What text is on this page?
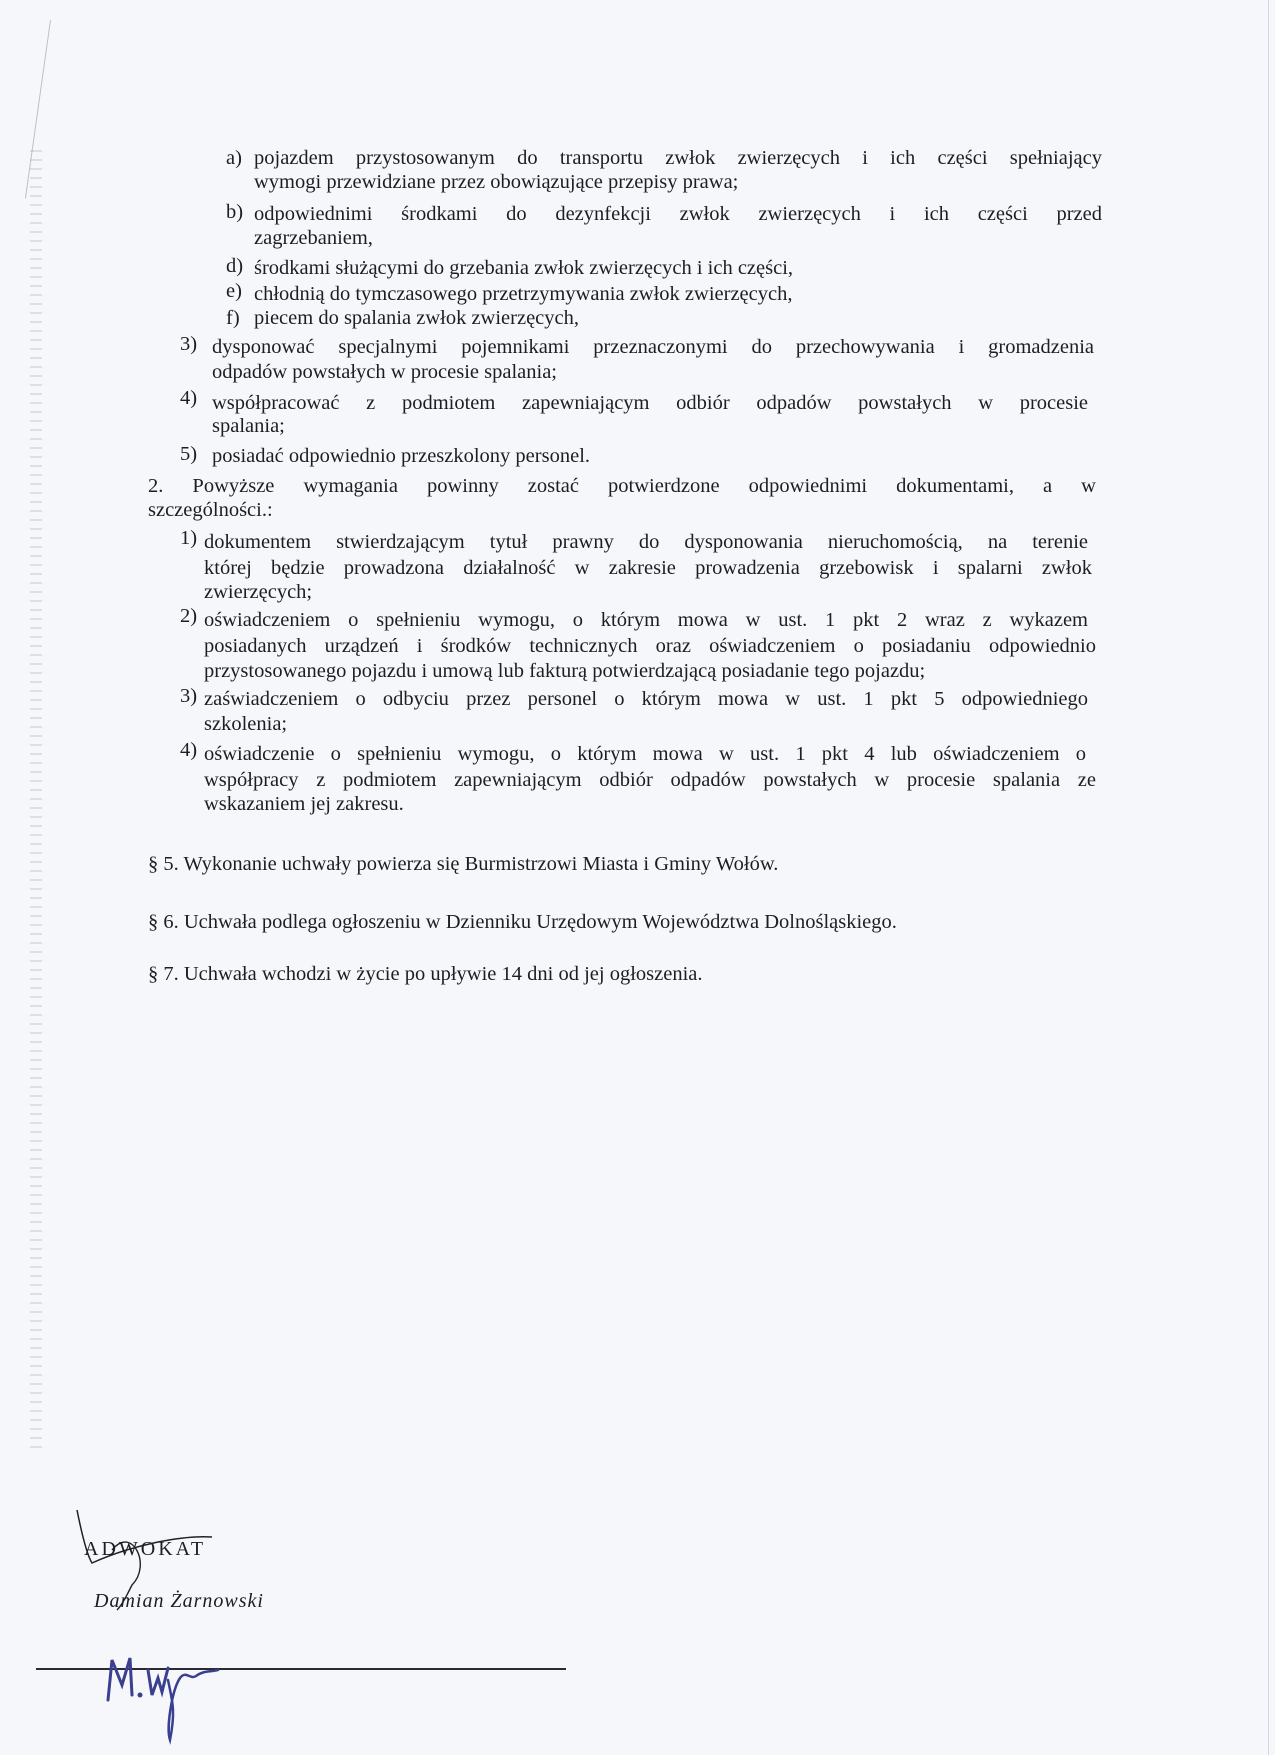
a) pojazdem przystosowanym do transportu zwłok zwierzęcych i ich części spełniający
wymogi przewidziane przez obowiązujące przepisy prawa;
b) odpowiednimi środkami do dezynfekcji zwłok zwierzęcych i ich części przed
zagrzebaniem,
d) środkami służącymi do grzebania zwłok zwierzęcych i ich części,
e) chłodnią do tymczasowego przetrzymywania zwłok zwierzęcych,
f) piecem do spalania zwłok zwierzęcych,
3) dysponować specjalnymi pojemnikami przeznaczonymi do przechowywania i gromadzenia
odpadów powstałych w procesie spalania;
4) współpracować z podmiotem zapewniającym odbiór odpadów powstałych w procesie
spalania;
5) posiadać odpowiednio przeszkolony personel.
2. Powyższe wymagania powinny zostać potwierdzone odpowiednimi dokumentami, a w
szczególności.:
1) dokumentem stwierdzającym tytuł prawny do dysponowania nieruchomością, na terenie
której będzie prowadzona działalność w zakresie prowadzenia grzebowisk i spalarni zwłok
zwierzęcych;
2) oświadczeniem o spełnieniu wymogu, o którym mowa w ust. 1 pkt 2 wraz z wykazem
posiadanych urządzeń i środków technicznych oraz oświadczeniem o posiadaniu odpowiednio
przystosowanego pojazdu i umową lub fakturą potwierdzającą posiadanie tego pojazdu;
3) zaświadczeniem o odbyciu przez personel o którym mowa w ust. 1 pkt 5 odpowiedniego
szkolenia;
4) oświadczenie o spełnieniu wymogu, o którym mowa w ust. 1 pkt 4 lub oświadczeniem o
współpracy z podmiotem zapewniającym odbiór odpadów powstałych w procesie spalania ze
wskazaniem jej zakresu.
§ 5. Wykonanie uchwały powierza się Burmistrzowi Miasta i Gminy Wołów.
§ 6. Uchwała podlega ogłoszeniu w Dzienniku Urzędowym Województwa Dolnośląskiego.
§ 7. Uchwała wchodzi w życie po upływie 14 dni od jej ogłoszenia.
ADWOKAT
Damian Żarnowski
